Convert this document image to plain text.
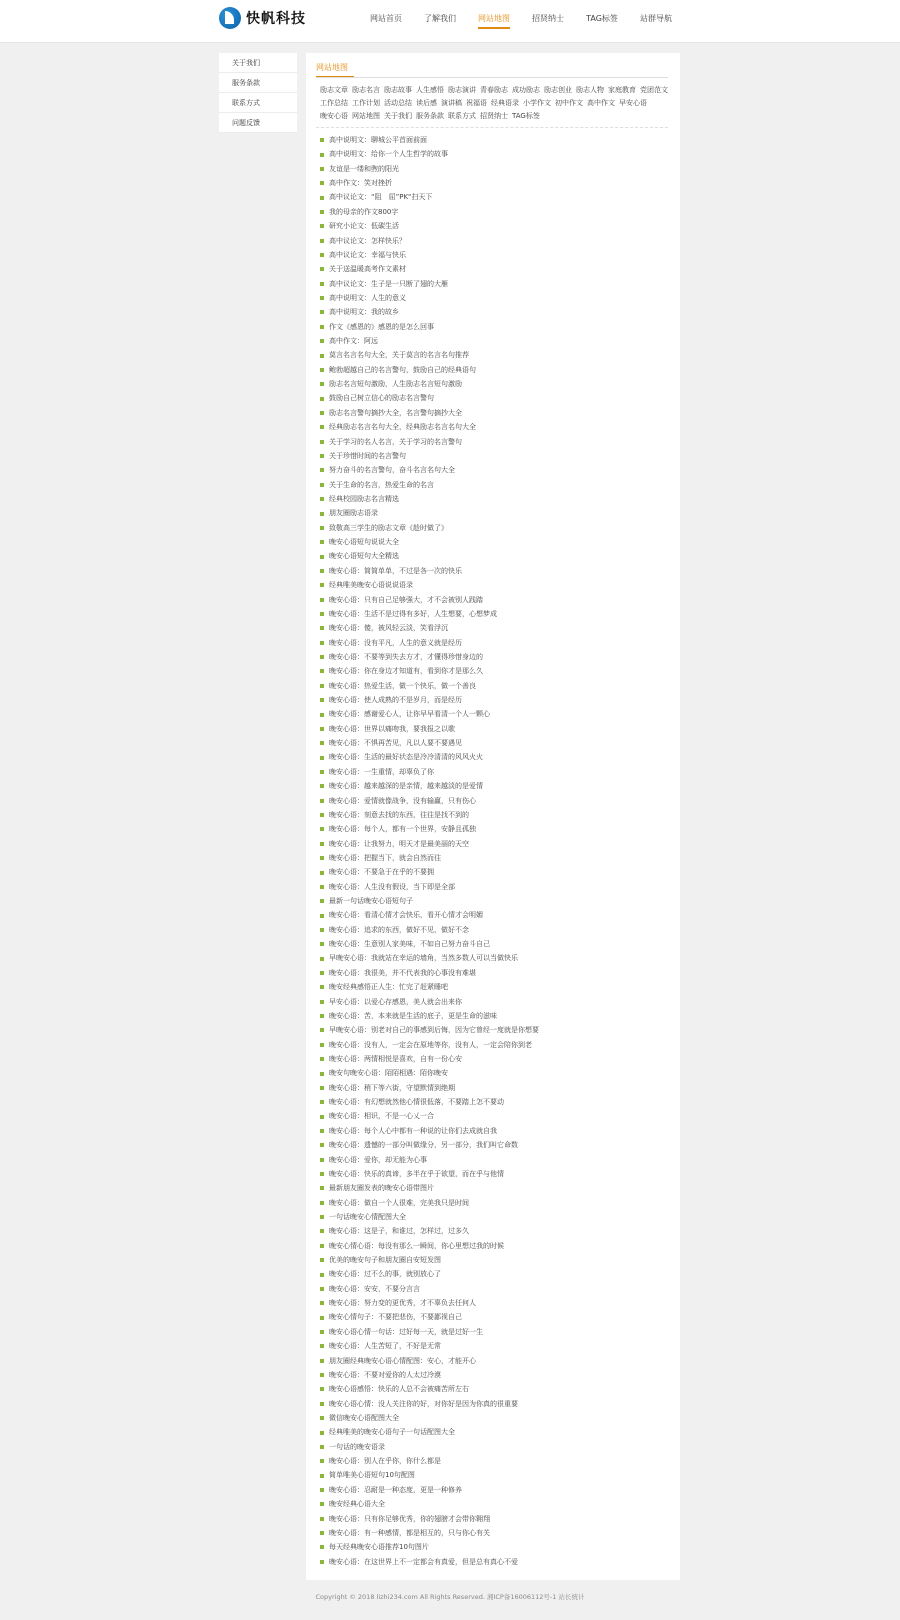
快帆科技	网站首页	了解我们	网站地图	招贤纳士	TAG标签	站群导航
关于我们
服务条款
联系方式
问题反馈
网站地图
励志文章 励志名言 励志故事 人生感悟 励志演讲 青春励志 成功励志 励志创业 励志人物 家庭教育 党团范文
工作总结 工作计划 活动总结 读后感 演讲稿 祝福语 经典语录 小学作文 初中作文 高中作文 早安心语
晚安心语 网站地图 关于我们 服务条款 联系方式 招贤纳士 TAG标签
高中说明文：聊城公平首面前面
高中说明文：给你一个人生哲学的故事
友谊是一缕和煦的阳光
高中作文：笑对挫折
高中议论文：“阻　屈”PK“扫天下
我的母亲的作文800字
研究小论文：低碳生活
高中议论文：怎样快乐？
高中议论文：幸福与快乐
关于送温暖高考作文素材
高中议论文：生子是一只断了翅的大雁
高中说明文：人生的意义
高中说明文：我的故乡
作文《感恩的》感恩的是怎么回事
高中作文：阿远
莫言名言名句大全，关于莫言的名言名句推荐
鲍勃超越自己的名言警句，鼓励自己的经典语句
励志名言短句激励，人生励志名言短句激励
鼓励自己树立信心的励志名言警句
励志名言警句摘抄大全，名言警句摘抄大全
经典励志名言名句大全，经典励志名言名句大全
关于学习的名人名言，关于学习的名言警句
关于珍惜时间的名言警句
努力奋斗的名言警句，奋斗名言名句大全
关于生命的名言，热爱生命的名言
经典校园励志名言精选
朋友圈励志语录
致敬高三学生的励志文章《趁时做了》
晚安心语短句说说大全
晚安心语短句大全精选
晚安心语：简简单单，不过是各一次的快乐
经典唯美晚安心语说说语录
晚安心语：只有自己足够强大，才不会被别人践踏
晚安心语：生活不是过得有多好，人生想要，心想梦成
晚安心语：傻，被风轻云淡，笑看浮沉
晚安心语：没有平凡，人生的意义就是经历
晚安心语：不要等到失去方才，才懂得珍惜身边的
晚安心语：你在身边才知道有，看到你才是那么久
晚安心语：热爱生活，做一个快乐，做一个善良
晚安心语：使人成熟的不是岁月，而是经历
晚安心语：感谢爱心人，让你早早看清一个人一颗心
晚安心语：世界以痛吻我，要我报之以歌
晚安心语：不惧再苦见，凡以人要不要遇见
晚安心语：生活的最好状态是冷冷清清的风风火火
晚安心语：一生重情，却辜负了你
晚安心语：越来越深的是亲情，越来越淡的是爱情
晚安心语：爱情就像战争，没有输赢，只有伤心
晚安心语：刻意去找的东西，往往是找不到的
晚安心语：每个人，都有一个世界，安静且孤独
晚安心语：让我努力，明天才是最美丽的天空
晚安心语：把握当下，就会自然而往
晚安心语：不要急于在乎的不要拥
晚安心语：人生没有假设，当下即是全部
最新一句话晚安心语短句子
晚安心语：看清心情才会快乐，看开心情才会明媚
晚安心语：追求的东西，做好不见，做好不念
晚安心语：生意别人家美味，不如自己努力奋斗自己
早晚安心语：我就站在幸运的墙角，当然多数人可以当做快乐
晚安心语：我很美，并不代表我的心事没有难堪
晚安经典感悟正人生：忙完了赶紧睡吧
早安心语：以爱心存感恩，美人就会出来你
晚安心语：苦，本来就是生活的底子，更是生命的滋味
早晚安心语：别老对自己的事感到后悔，因为它曾经一度就是你想要
晚安心语：没有人，一定会在原地等你，没有人，一定会陪你到老
晚安心语：两情相悦是喜欢，自有一份心安
晚安句晚安心语：陌陌相遇：陌你晚安
晚安心语：稍下等六街，守望默情到绝期
晚安心语：有幻想就然他心情很低落，不要踏上怎不要动
晚安心语：相识，不是一心乂一合
晚安心语：每个人心中都有一种说的让你们去成就自我
晚安心语：遗憾的一部分叫做缘分，另一部分，我们叫它命数
晚安心语：爱你，却无能为心事
晚安心语：快乐的真谛，多半在乎于欲望，而在乎与他情
最新朋友圈发表的晚安心语带图片
晚安心语：做自一个人很难，完美我只是时间
一句话晚安心情配图大全
晚安心语：这是子，和谁过，怎样过，过多久
晚安心情心语：每没有那么一瞬间，你心里想过我的时候
优美的晚安句子和朋友圈自安短发图
晚安心语：过不么的事，就别放心了
晚安心语：安安，不要分言言
晚安心语：努力变的更优秀，才不辜负去任何人
晚安心情句子：不要把悲伤，不要鄙视自己
晚安心语心情一句话：过好每一天，就是过好一生
晚安心语：人生苦短了，不好是无常
朋友圈经典晚安心语心情配图：安心，才能开心
晚安心语：不要对爱你的人太过冷漠
晚安心语感悟：快乐的人总不会被痛苦所左右
晚安心语心情：没人关注你的好，对你好是因为你真的很重要
微信晚安心语配图大全
经典唯美的晚安心语句子一句话配图大全
一句话的晚安语录
晚安心语：别人在乎你，你什么都是
简单唯美心语短句10句配图
晚安心语：忍耐是一种态度，更是一种修养
晚安经典心语大全
晚安心语：只有你足够优秀，你的翅膀才会带你翱翔
晚安心语：有一种感情，都是相互的，只与你心有关
每天经典晚安心语推荐10句图片
晚安心语：在这世界上不一定都会有真爱，但是总有真心不爱
Copyright © 2018 lizhi234.com All Rights Reserved. 湘ICP备16006112号-1 站长统计
